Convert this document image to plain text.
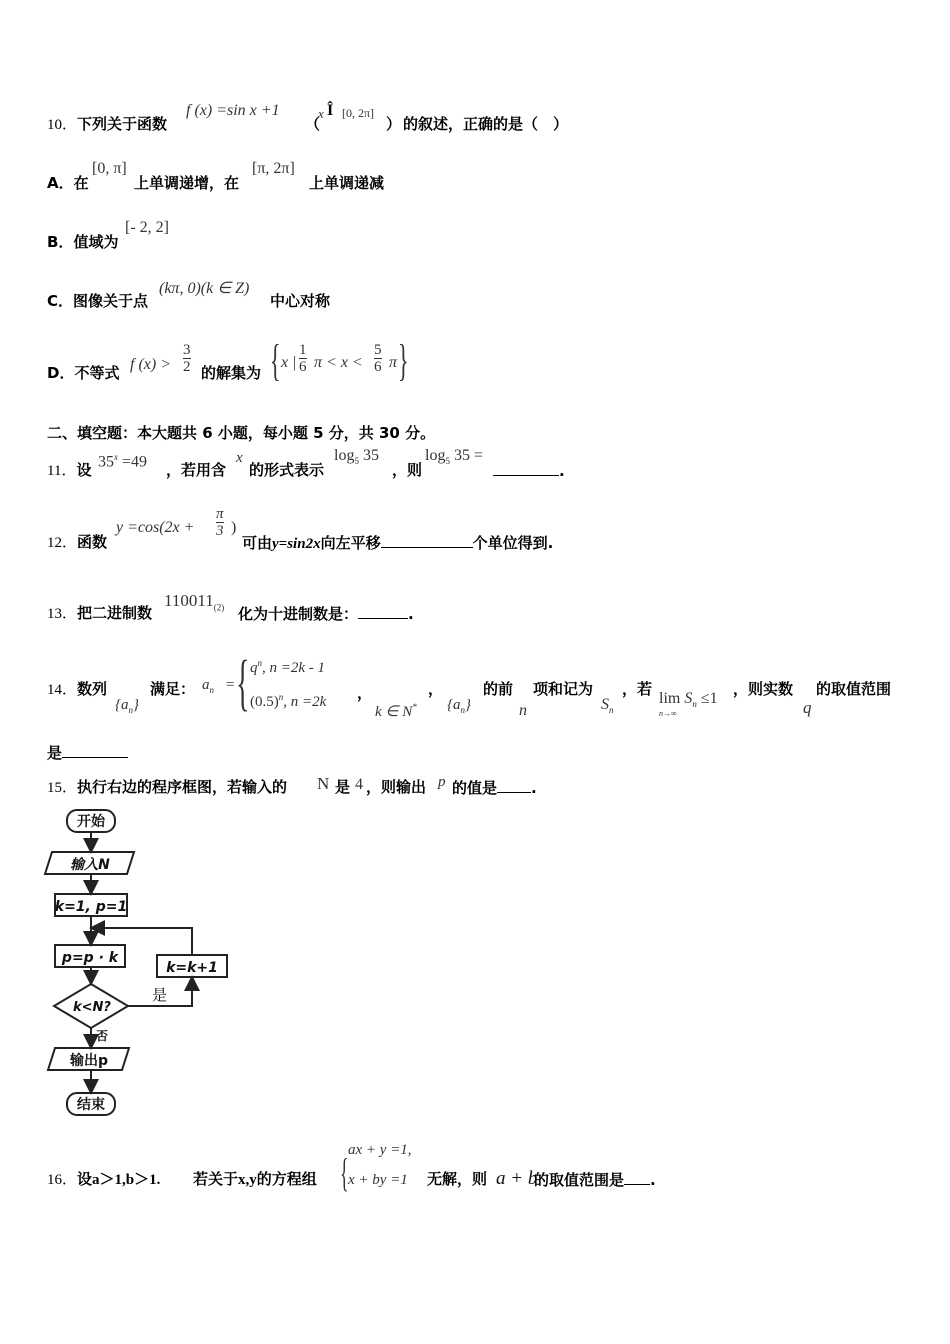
10．下列关于函数
f (x) =sin x +1
（
x Î [0, 2π]
） 的叙述，正确的是（　）
A．在
[0, π]
上单调递增，在
[π, 2π]
上单调递减
B．值域为
[- 2, 2]
C．图像关于点
(kπ, 0)(k ∈ Z)
中心对称
D．不等式 f $(x) > \frac{3}{2}$ 的解集为 { x | $\frac{1}{6}$ $\pi < x < \frac{5}{6}$ π }
二、填空题：本大题共 6 小题，每小题 5 分，共 30 分。
11．设 $35^x =49$ ，若用含
x
的形式表示
$\log_5 35$
，则
$\log_5 35$ =
.
12．函数
$y =\cos(2x + \frac{\pi}{3}$ )
可由y=sin2x向左平移	个单位得到.
13．把二进制数
$110011_{(2)}$ 化为十进制数是：	.
14．数列
$\{a_n\}$
满足： $a_n$ = { $q^n$, n =2k - 1
$(0.5)^n$, n =2k ，
k ∈ N*
，
$\{a_n\}$
的前
n
项和记为
$S_n$
，若
$\lim S_n \le 1$
n→∞
，则实数
q
的取值范围
是
15．执行右边的程序框图，若输入的 N 是 4 ，则输出 p 的值是 .
开始
输入N
k=1, p=1
p=p · k
k=k+1
k<N?
输出p
结束
是
否
16．设a＞1,b＞1. 若关于x,y的方程组 { ax + y =1,
x + by =1 无解，则 a + b
的取值范围是 .
